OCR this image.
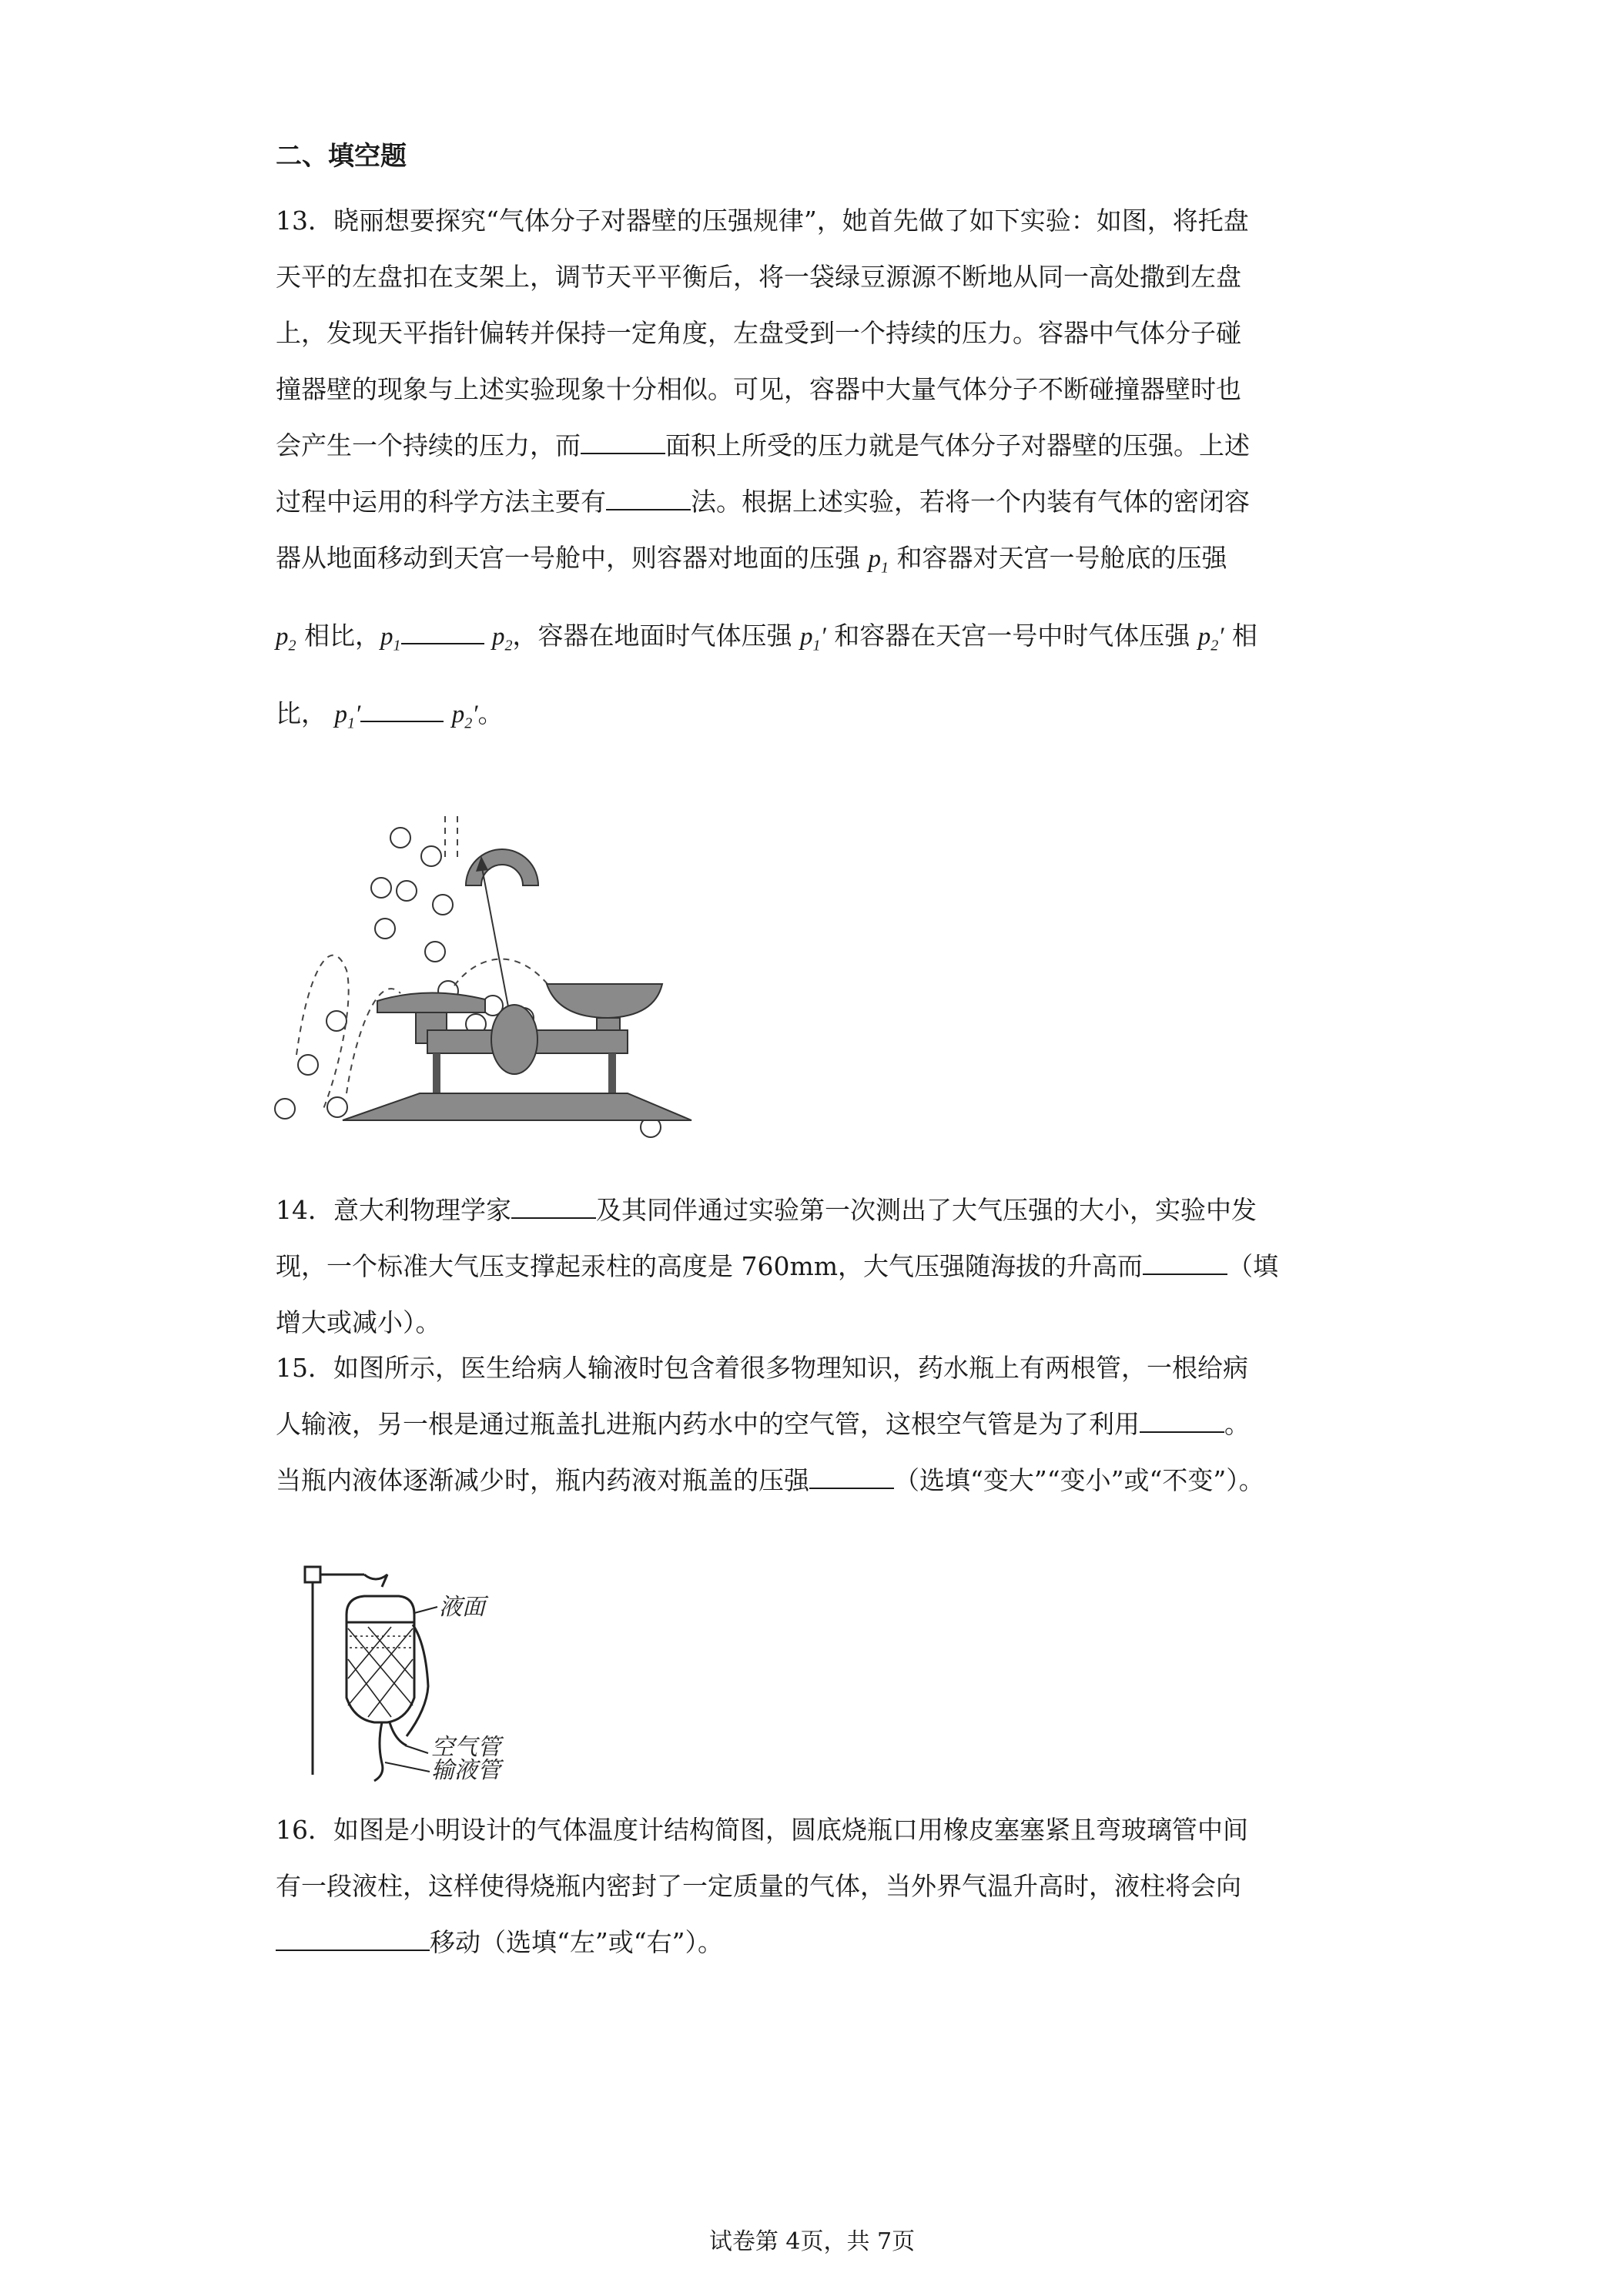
二、填空题
13．晓丽想要探究“气体分子对器壁的压强规律”，她首先做了如下实验：如图，将托盘
天平的左盘扣在支架上，调节天平平衡后，将一袋绿豆源源不断地从同一高处撒到左盘
上，发现天平指针偏转并保持一定角度，左盘受到一个持续的压力。容器中气体分子碰
撞器壁的现象与上述实验现象十分相似。可见，容器中大量气体分子不断碰撞器壁时也
会产生一个持续的压力，而	面积上所受的压力就是气体分子对器壁的压强。上述
过程中运用的科学方法主要有	法。根据上述实验，若将一个内装有气体的密闭容
器从地面移动到天宫一号舱中，则容器对地面的压强 $p_1$ 和容器对天宫一号舱底的压强
$p_2$ 相比，$p_1$	$p_2$，容器在地面时气体压强 $p_1'$ 和容器在天宫一号中时气体压强 $p_2'$ 相
比， $p_1'$	$p_2'$。
14．意大利物理学家	及其同伴通过实验第一次测出了大气压强的大小，实验中发
现，一个标准大气压支撑起汞柱的高度是 760mm，大气压强随海拔的升高而	（填
增大或减小）。
15．如图所示，医生给病人输液时包含着很多物理知识，药水瓶上有两根管，一根给病
人输液，另一根是通过瓶盖扎进瓶内药水中的空气管，这根空气管是为了利用	。
当瓶内液体逐渐减少时，瓶内药液对瓶盖的压强	（选填“变大”“变小”或“不变”）。
液面
空气管
输液管
16．如图是小明设计的气体温度计结构简图，圆底烧瓶口用橡皮塞塞紧且弯玻璃管中间
有一段液柱，这样使得烧瓶内密封了一定质量的气体，当外界气温升高时，液柱将会向
移动（选填“左”或“右”）。
试卷第 4页，共 7页
